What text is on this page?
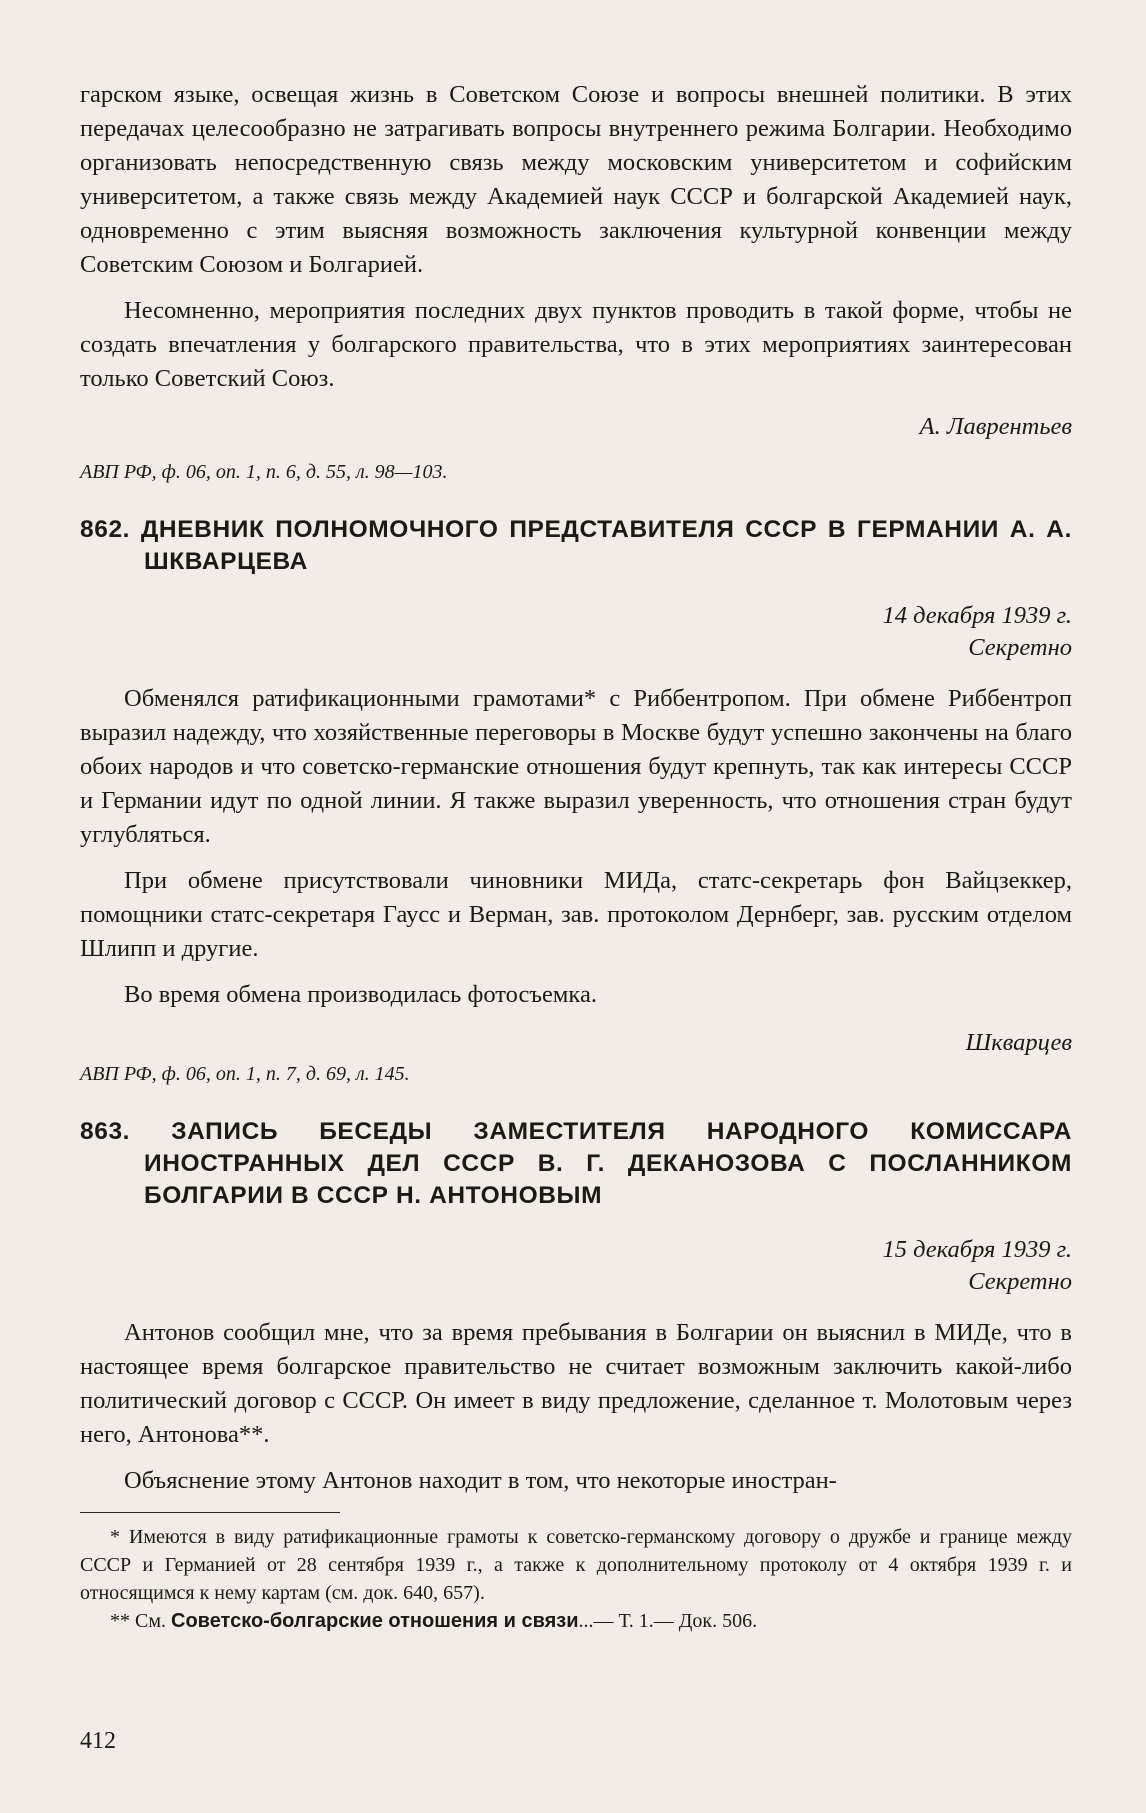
гарском языке, освещая жизнь в Советском Союзе и вопросы внешней политики. В этих передачах целесообразно не затрагивать вопросы внутреннего режима Болгарии. Необходимо организовать непосредственную связь между московским университетом и софийским университетом, а также связь между Академией наук СССР и болгарской Академией наук, одновременно с этим выясняя возможность заключения культурной конвенции между Советским Союзом и Болгарией.

Несомненно, мероприятия последних двух пунктов проводить в такой форме, чтобы не создать впечатления у болгарского правительства, что в этих мероприятиях заинтересован только Советский Союз.

А. Лаврентьев
АВП РФ, ф. 06, оп. 1, п. 6, д. 55, л. 98—103.
862. ДНЕВНИК ПОЛНОМОЧНОГО ПРЕДСТАВИТЕЛЯ СССР В ГЕРМАНИИ А. А. ШКВАРЦЕВА
14 декабря 1939 г.
Секретно

Обменялся ратификационными грамотами* с Риббентропом. При обмене Риббентроп выразил надежду, что хозяйственные переговоры в Москве будут успешно закончены на благо обоих народов и что советско-германские отношения будут крепнуть, так как интересы СССР и Германии идут по одной линии. Я также выразил уверенность, что отношения стран будут углубляться.

При обмене присутствовали чиновники МИДа, статс-секретарь фон Вайцзеккер, помощники статс-секретаря Гаусс и Верман, зав. протоколом Дернберг, зав. русским отделом Шлипп и другие.

Во время обмена производилась фотосъемка.

Шкварцев
АВП РФ, ф. 06, оп. 1, п. 7, д. 69, л. 145.
863. ЗАПИСЬ БЕСЕДЫ ЗАМЕСТИТЕЛЯ НАРОДНОГО КОМИССАРА ИНОСТРАННЫХ ДЕЛ СССР В. Г. ДЕКАНОЗОВА С ПОСЛАННИКОМ БОЛГАРИИ В СССР Н. АНТОНОВЫМ
15 декабря 1939 г.
Секретно

Антонов сообщил мне, что за время пребывания в Болгарии он выяснил в МИДе, что в настоящее время болгарское правительство не считает возможным заключить какой-либо политический договор с СССР. Он имеет в виду предложение, сделанное т. Молотовым через него, Антонова**.

Объяснение этому Антонов находит в том, что некоторые иностран-

* Имеются в виду ратификационные грамоты к советско-германскому договору о дружбе и границе между СССР и Германией от 28 сентября 1939 г., а также к дополнительному протоколу от 4 октября 1939 г. и относящимся к нему картам (см. док. 640, 657).
** См. Советско-болгарские отношения и связи...— Т. 1.— Док. 506.
412
